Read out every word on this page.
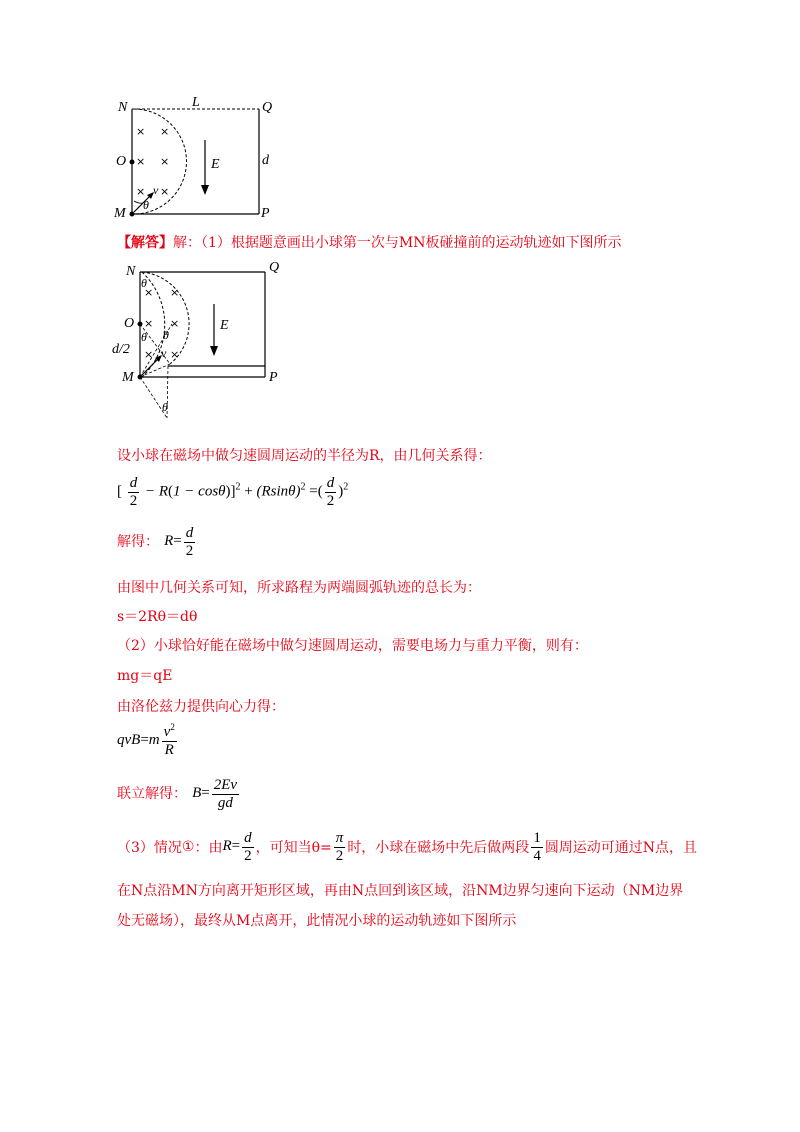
N	L	Q
O	E	d
M	P
v
θ
× ×
× ×
× ×
【解答】解：（1）根据题意画出小球第一次与MN板碰撞前的运动轨迹如下图所示
N	Q
O	E
d/2
M	P
v
θ
θ θ
θ
× ×
× ×
× ×
设小球在磁场中做匀速圆周运动的半径为R，由几何关系得：
[ $\frac{d}{2} - R(1 - \cos\theta)]^2 + (Rsin\theta)^2$ =( $\frac{d}{2} )^2$
解得： $R= \frac{d}{2}$
由图中几何关系可知，所求路程为两端圆弧轨迹的总长为：
s＝2Rθ＝dθ
（2）小球恰好能在磁场中做匀速圆周运动，需要电场力与重力平衡，则有：
mg＝qE
由洛伦兹力提供向心力得：
$qvB=m \frac{v^2}{R}$
联立解得： $B= \frac{2Ev}{gd}$
（3）情况①：由$R= \frac{d}{2}$ ，可知当$\theta= \frac{\pi}{2}$ 时，小球在磁场中先后做两段 $\frac{1}{4}$ 圆周运动可通过N点，且
在N点沿MN方向离开矩形区域，再由N点回到该区域，沿NM边界匀速向下运动（NM边界
处无磁场），最终从M点离开，此情况小球的运动轨迹如下图所示
